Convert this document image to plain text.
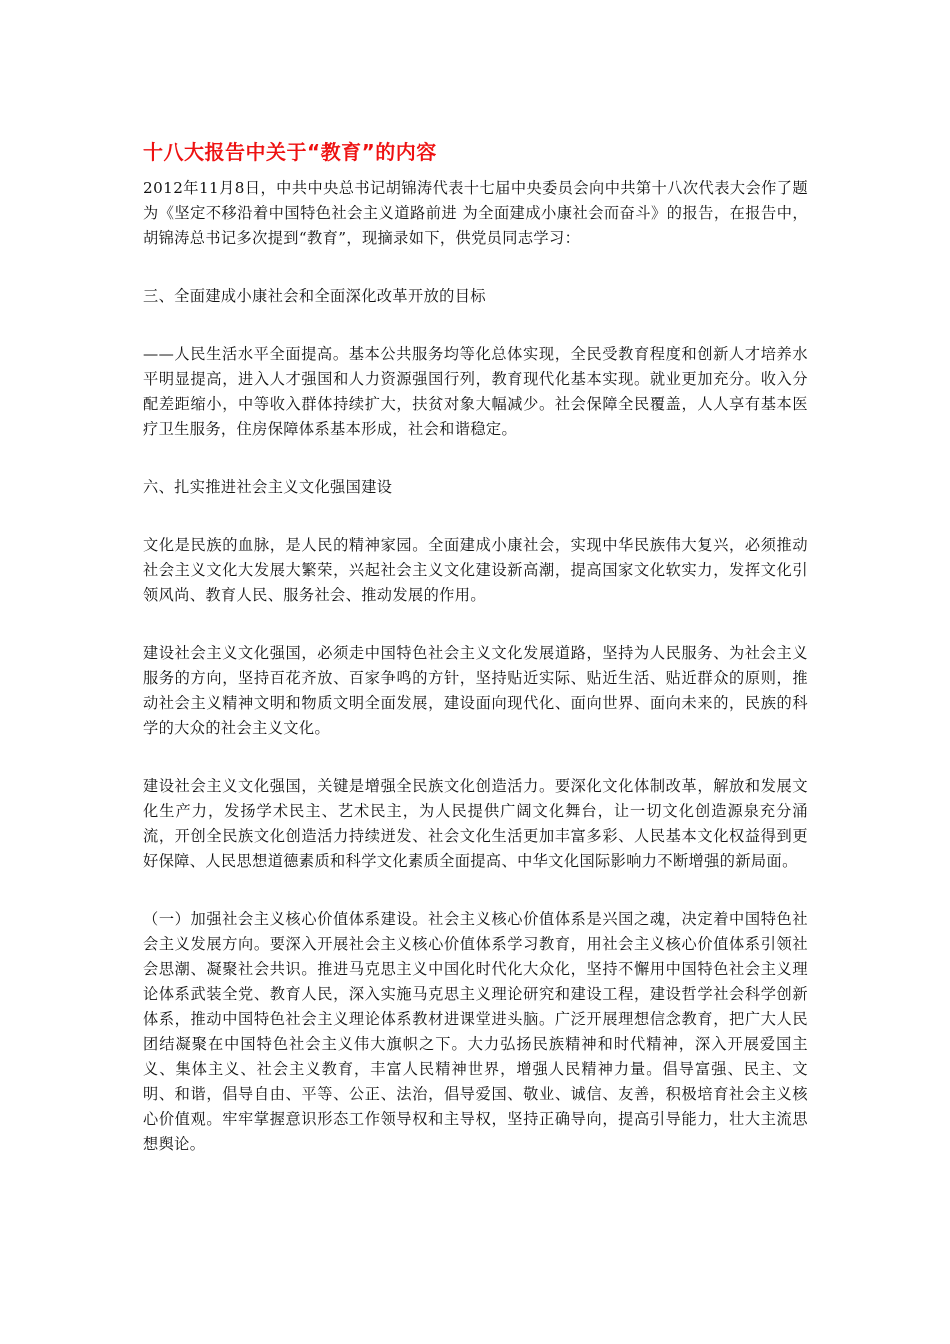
十八大报告中关于“教育”的内容

2012年11月8日，中共中央总书记胡锦涛代表十七届中央委员会向中共第十八次代表大会作了题为《坚定不移沿着中国特色社会主义道路前进 为全面建成小康社会而奋斗》的报告，在报告中，胡锦涛总书记多次提到“教育”，现摘录如下，供党员同志学习：

三、全面建成小康社会和全面深化改革开放的目标

——人民生活水平全面提高。基本公共服务均等化总体实现，全民受教育程度和创新人才培养水平明显提高，进入人才强国和人力资源强国行列，教育现代化基本实现。就业更加充分。收入分配差距缩小，中等收入群体持续扩大，扶贫对象大幅减少。社会保障全民覆盖，人人享有基本医疗卫生服务，住房保障体系基本形成，社会和谐稳定。

六、扎实推进社会主义文化强国建设

文化是民族的血脉，是人民的精神家园。全面建成小康社会，实现中华民族伟大复兴，必须推动社会主义文化大发展大繁荣，兴起社会主义文化建设新高潮，提高国家文化软实力，发挥文化引领风尚、教育人民、服务社会、推动发展的作用。

建设社会主义文化强国，必须走中国特色社会主义文化发展道路，坚持为人民服务、为社会主义服务的方向，坚持百花齐放、百家争鸣的方针，坚持贴近实际、贴近生活、贴近群众的原则，推动社会主义精神文明和物质文明全面发展，建设面向现代化、面向世界、面向未来的，民族的科学的大众的社会主义文化。

建设社会主义文化强国，关键是增强全民族文化创造活力。要深化文化体制改革，解放和发展文化生产力，发扬学术民主、艺术民主，为人民提供广阔文化舞台，让一切文化创造源泉充分涌流，开创全民族文化创造活力持续迸发、社会文化生活更加丰富多彩、人民基本文化权益得到更好保障、人民思想道德素质和科学文化素质全面提高、中华文化国际影响力不断增强的新局面。

（一）加强社会主义核心价值体系建设。社会主义核心价值体系是兴国之魂，决定着中国特色社会主义发展方向。要深入开展社会主义核心价值体系学习教育，用社会主义核心价值体系引领社会思潮、凝聚社会共识。推进马克思主义中国化时代化大众化，坚持不懈用中国特色社会主义理论体系武装全党、教育人民，深入实施马克思主义理论研究和建设工程，建设哲学社会科学创新体系，推动中国特色社会主义理论体系教材进课堂进头脑。广泛开展理想信念教育，把广大人民团结凝聚在中国特色社会主义伟大旗帜之下。大力弘扬民族精神和时代精神，深入开展爱国主义、集体主义、社会主义教育，丰富人民精神世界，增强人民精神力量。倡导富强、民主、文明、和谐，倡导自由、平等、公正、法治，倡导爱国、敬业、诚信、友善，积极培育社会主义核心价值观。牢牢掌握意识形态工作领导权和主导权，坚持正确导向，提高引导能力，壮大主流思想舆论。
